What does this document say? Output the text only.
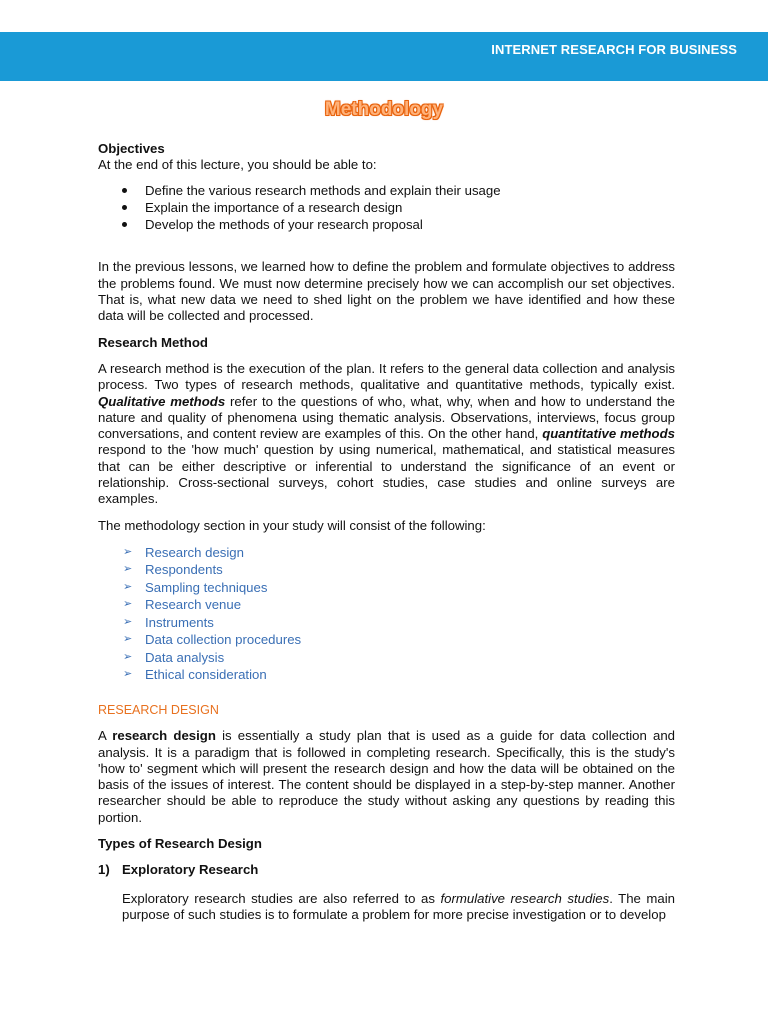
INTERNET RESEARCH FOR BUSINESS
Methodology

Objectives

At the end of this lecture, you should be able to:

Define the various research methods and explain their usage
Explain the importance of a research design
Develop the methods of your research proposal

In the previous lessons, we learned how to define the problem and formulate objectives to address the problems found. We must now determine precisely how we can accomplish our set objectives. That is, what new data we need to shed light on the problem we have identified and how these data will be collected and processed.

Research Method

A research method is the execution of the plan. It refers to the general data collection and analysis process. Two types of research methods, qualitative and quantitative methods, typically exist. Qualitative methods refer to the questions of who, what, why, when and how to understand the nature and quality of phenomena using thematic analysis. Observations, interviews, focus group conversations, and content review are examples of this. On the other hand, quantitative methods respond to the 'how much' question by using numerical, mathematical, and statistical measures that can be either descriptive or inferential to understand the significance of an event or relationship. Cross-sectional surveys, cohort studies, case studies and online surveys are examples.

The methodology section in your study will consist of the following:

➢ Research design
➢ Respondents
➢ Sampling techniques
➢ Research venue
➢ Instruments
➢ Data collection procedures
➢ Data analysis
➢ Ethical consideration

RESEARCH DESIGN

A research design is essentially a study plan that is used as a guide for data collection and analysis. It is a paradigm that is followed in completing research. Specifically, this is the study's 'how to' segment which will present the research design and how the data will be obtained on the basis of the issues of interest. The content should be displayed in a step-by-step manner. Another researcher should be able to reproduce the study without asking any questions by reading this portion.

Types of Research Design

1) Exploratory Research

Exploratory research studies are also referred to as formulative research studies. The main purpose of such studies is to formulate a problem for more precise investigation or to develop
